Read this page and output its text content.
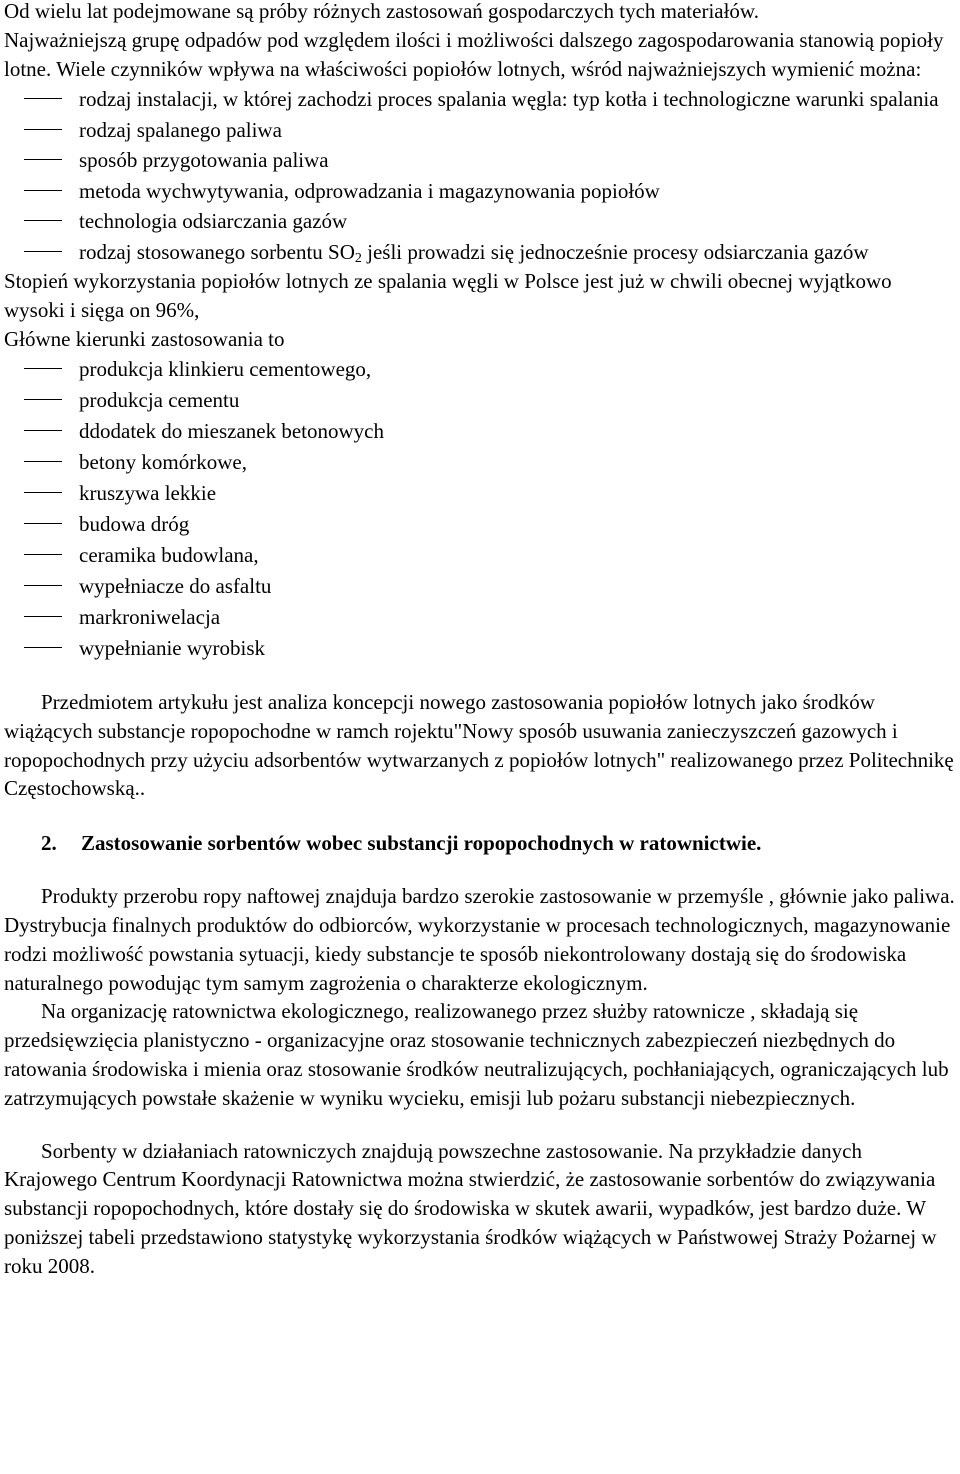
Od wielu lat podejmowane są próby różnych zastosowań gospodarczych tych materiałów.

Najważniejszą grupę odpadów pod względem ilości i możliwości dalszego zagospodarowania stanowią popioły lotne. Wiele czynników wpływa na właściwości popiołów lotnych, wśród najważniejszych wymienić można:

rodzaj instalacji, w której zachodzi proces spalania węgla: typ kotła i technologiczne warunki spalania
rodzaj spalanego paliwa
sposób przygotowania paliwa
metoda wychwytywania, odprowadzania i magazynowania popiołów
technologia odsiarczania gazów
rodzaj stosowanego sorbentu $SO_2$ jeśli prowadzi się jednocześnie procesy odsiarczania gazów

Stopień wykorzystania popiołów lotnych ze spalania węgli w Polsce jest już w chwili obecnej wyjątkowo wysoki i sięga on 96%,

Główne kierunki zastosowania to

produkcja klinkieru cementowego,
produkcja cementu
ddodatek do mieszanek betonowych
betony komórkowe,
kruszywa lekkie
budowa dróg
ceramika budowlana,
wypełniacze do asfaltu
markroniwelacja
wypełnianie wyrobisk

Przedmiotem artykułu jest analiza koncepcji nowego zastosowania popiołów lotnych jako środków wiążących substancje ropopochodne w ramch rojektu"Nowy sposób usuwania zanieczyszczeń gazowych i ropopochodnych przy użyciu adsorbentów wytwarzanych z popiołów lotnych" realizowanego przez Politechnikę Częstochowską..

2. Zastosowanie sorbentów wobec substancji ropopochodnych w ratownictwie.

Produkty przerobu ropy naftowej znajduja bardzo szerokie zastosowanie w przemyśle , głównie jako paliwa. Dystrybucja finalnych produktów do odbiorców, wykorzystanie w procesach technologicznych, magazynowanie rodzi możliwość powstania sytuacji, kiedy substancje te sposób niekontrolowany dostają się do środowiska naturalnego powodując tym samym zagrożenia o charakterze ekologicznym.

Na organizację ratownictwa ekologicznego, realizowanego przez służby ratownicze , składają się przedsięwzięcia planistyczno - organizacyjne oraz stosowanie technicznych zabezpieczeń niezbędnych do ratowania środowiska i mienia oraz stosowanie środków neutralizujących, pochłaniających, ograniczających lub zatrzymujących powstałe skażenie w wyniku wycieku, emisji lub pożaru substancji niebezpiecznych.

Sorbenty w działaniach ratowniczych znajdują powszechne zastosowanie. Na przykładzie danych Krajowego Centrum Koordynacji Ratownictwa można stwierdzić, że zastosowanie sorbentów do związywania substancji ropopochodnych, które dostały się do środowiska w skutek awarii, wypadków, jest bardzo duże. W poniższej tabeli przedstawiono statystykę wykorzystania środków wiążących w Państwowej Straży Pożarnej w roku 2008.
